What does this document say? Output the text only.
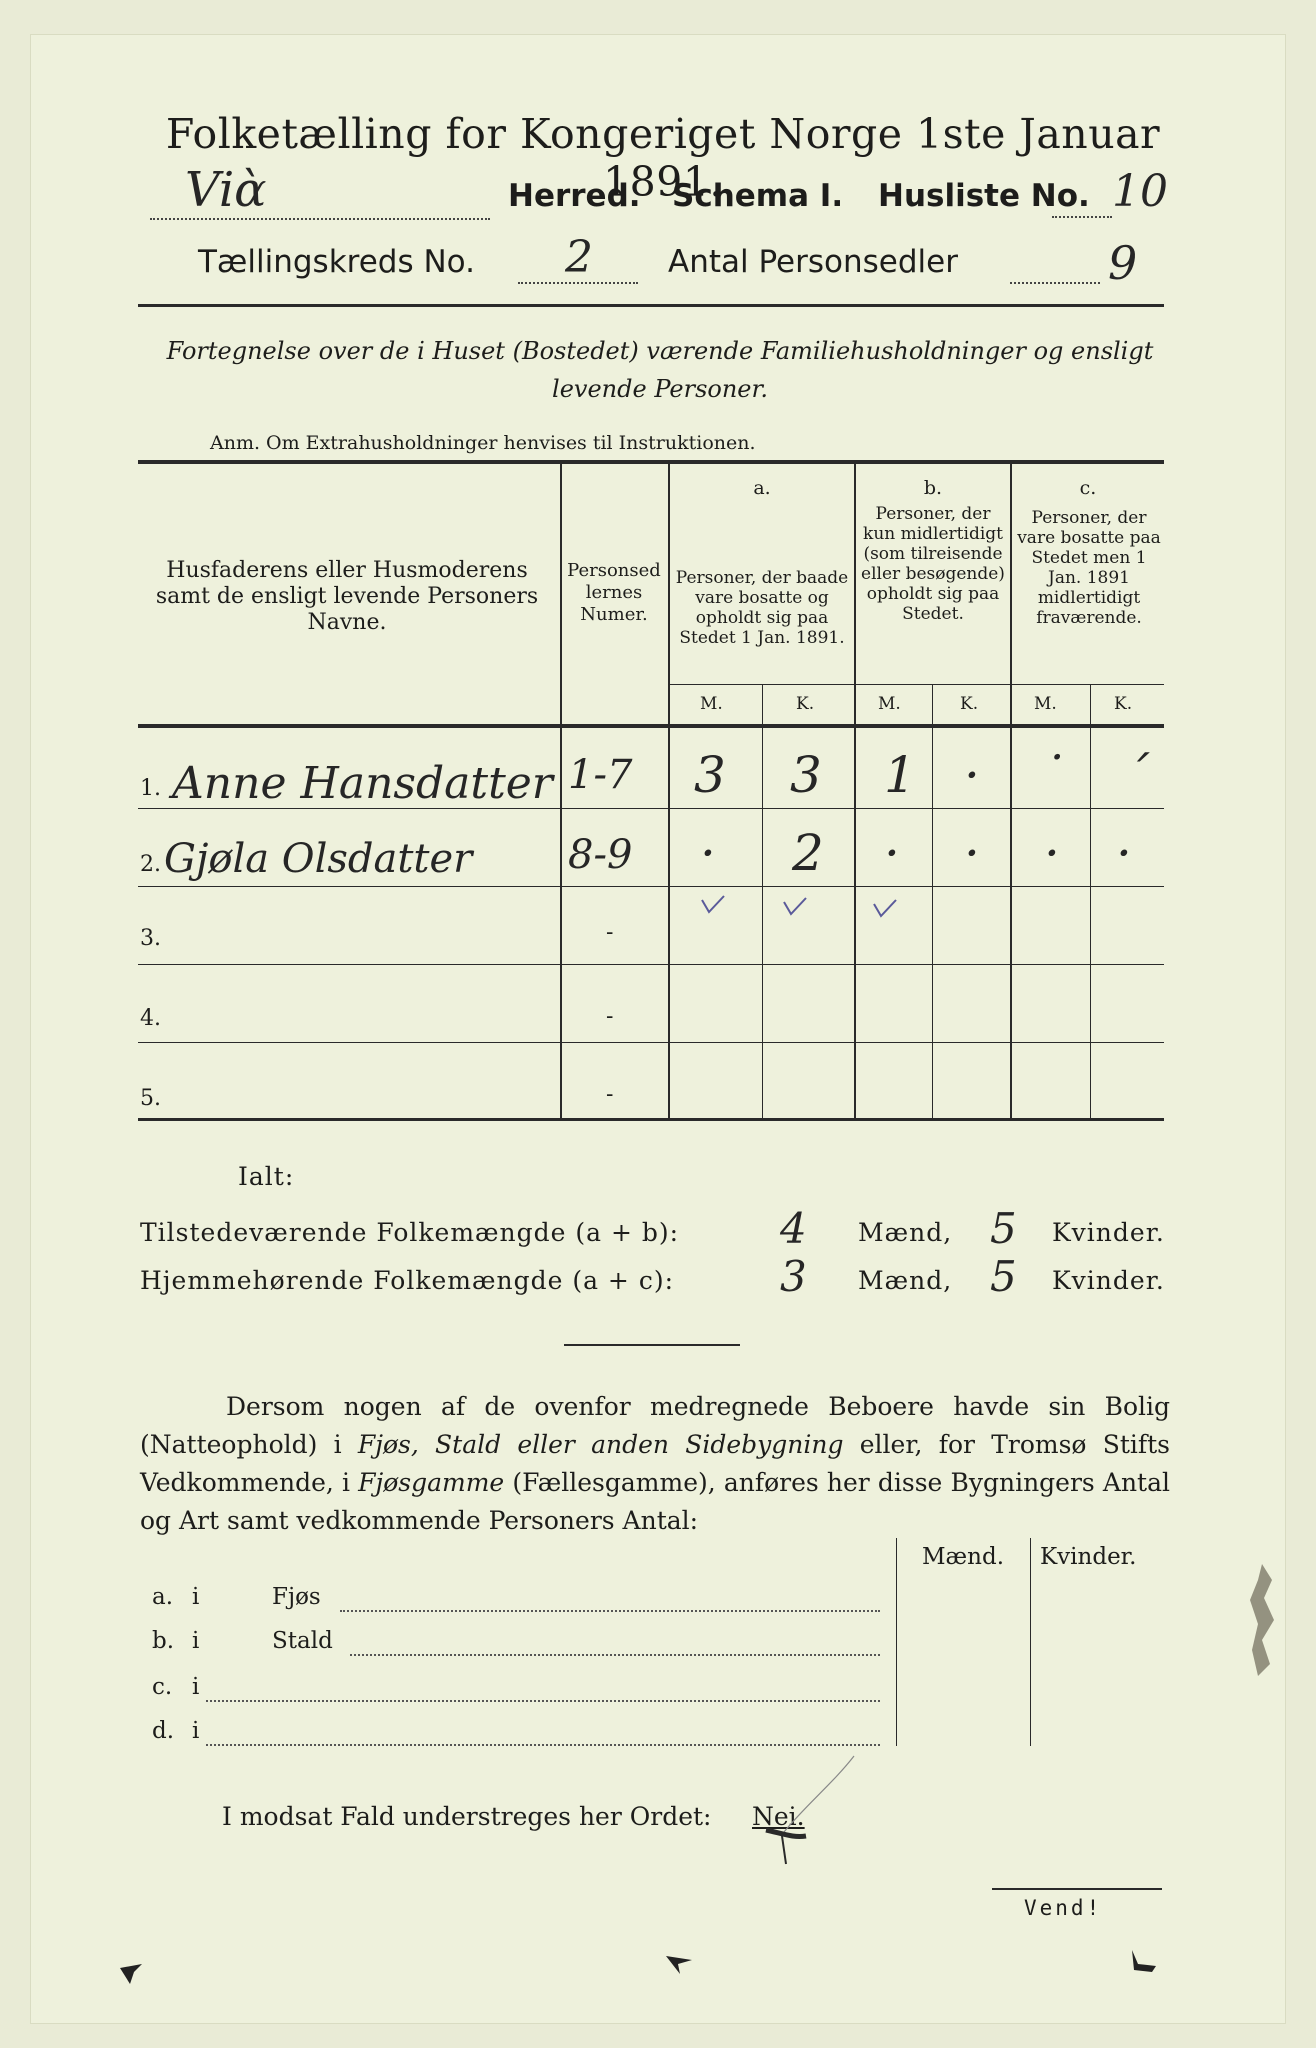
Folketælling for Kongeriget Norge 1ste Januar 1891.
Viɑ̀	Herred. Schema I. Husliste No. 10
Tællingskreds No. 2 Antal Personsedler	9
Fortegnelse over de i Huset (Bostedet) værende Familiehusholdninger og ensligt levende Personer.
Anm. Om Extrahusholdninger henvises til Instruktionen.
Husfaderens eller Husmoderens samt de ensligt levende Personers Navne.
Personsedlernes Numer.
a.
Personer, der baade vare bosatte og opholdt sig paa Stedet 1 Jan. 1891.
b.
Personer, der kun midlertidigt (som tilreisende eller besøgende) opholdt sig paa Stedet.
c.
Personer, der vare bosatte paa Stedet men 1 Jan. 1891 midlertidigt fraværende.
M.	K.	M.	K.	M.	K.
1. Anne Hansdatter 1-7 3 3 1 · ˙ ˊ
2. Gjøla Olsdatter 8-9 · 2 · · · ·
3.	-
4.	-
5.	-
Ialt:
Tilstedeværende Folkemængde (a + b): 4 Mænd, 5 Kvinder.
Hjemmehørende Folkemængde (a + c):	3 Mænd, 5 Kvinder.
Dersom nogen af de ovenfor medregnede Beboere havde sin Bolig (Natteophold) i Fjøs, Stald eller anden Sidebygning eller, for Tromsø Stifts Vedkommende, i Fjøsgamme (Fællesgamme), anføres her disse Bygningers Antal og Art samt vedkommende Personers Antal:
Mænd. Kvinder.
a. i	Fjøs
b. i	Stald
c. i
d. i
I modsat Fald understreges her Ordet: Nei.
Vend!
